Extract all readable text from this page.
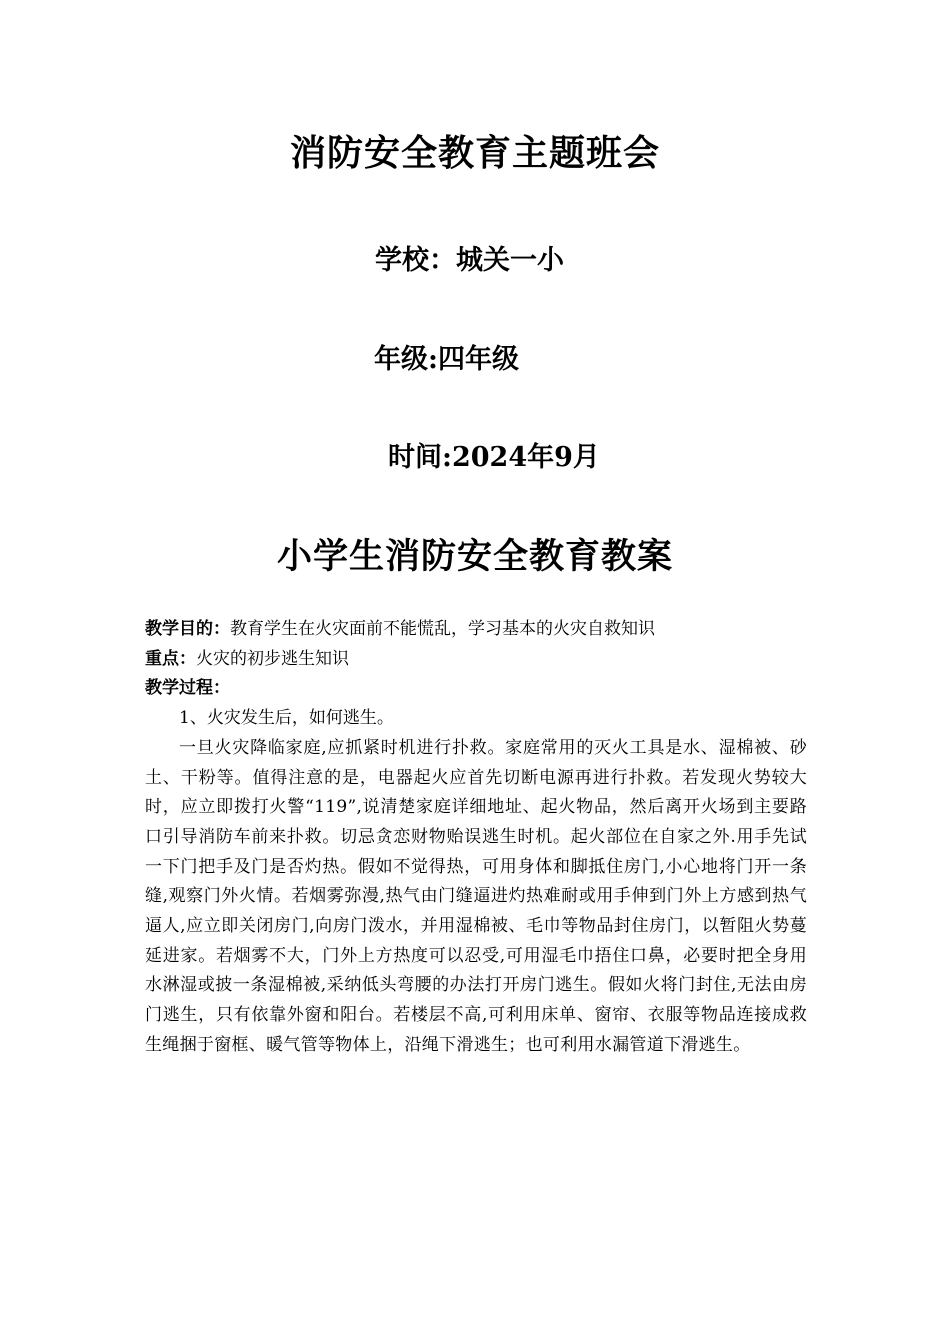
消防安全教育主题班会
学校：城关一小
年级:四年级
时间:2024年9月
小学生消防安全教育教案

教学目的：教育学生在火灾面前不能慌乱，学习基本的火灾自救知识

重点：火灾的初步逃生知识

教学过程：

1、火灾发生后，如何逃生。

一旦火灾降临家庭,应抓紧时机进行扑救。家庭常用的灭火工具是水、湿棉被、砂土、干粉等。值得注意的是，电器起火应首先切断电源再进行扑救。若发现火势较大时，应立即拨打火警“119”,说清楚家庭详细地址、起火物品，然后离开火场到主要路口引导消防车前来扑救。切忌贪恋财物贻误逃生时机。起火部位在自家之外.用手先试一下门把手及门是否灼热。假如不觉得热，可用身体和脚抵住房门,小心地将门开一条缝,观察门外火情。若烟雾弥漫,热气由门缝逼进灼热难耐或用手伸到门外上方感到热气逼人,应立即关闭房门,向房门泼水，并用湿棉被、毛巾等物品封住房门，以暂阻火势蔓延进家。若烟雾不大，门外上方热度可以忍受,可用湿毛巾捂住口鼻，必要时把全身用水淋湿或披一条湿棉被,采纳低头弯腰的办法打开房门逃生。假如火将门封住,无法由房门逃生，只有依靠外窗和阳台。若楼层不高,可利用床单、窗帘、衣服等物品连接成救生绳捆于窗框、暖气管等物体上，沿绳下滑逃生；也可利用水漏管道下滑逃生。
